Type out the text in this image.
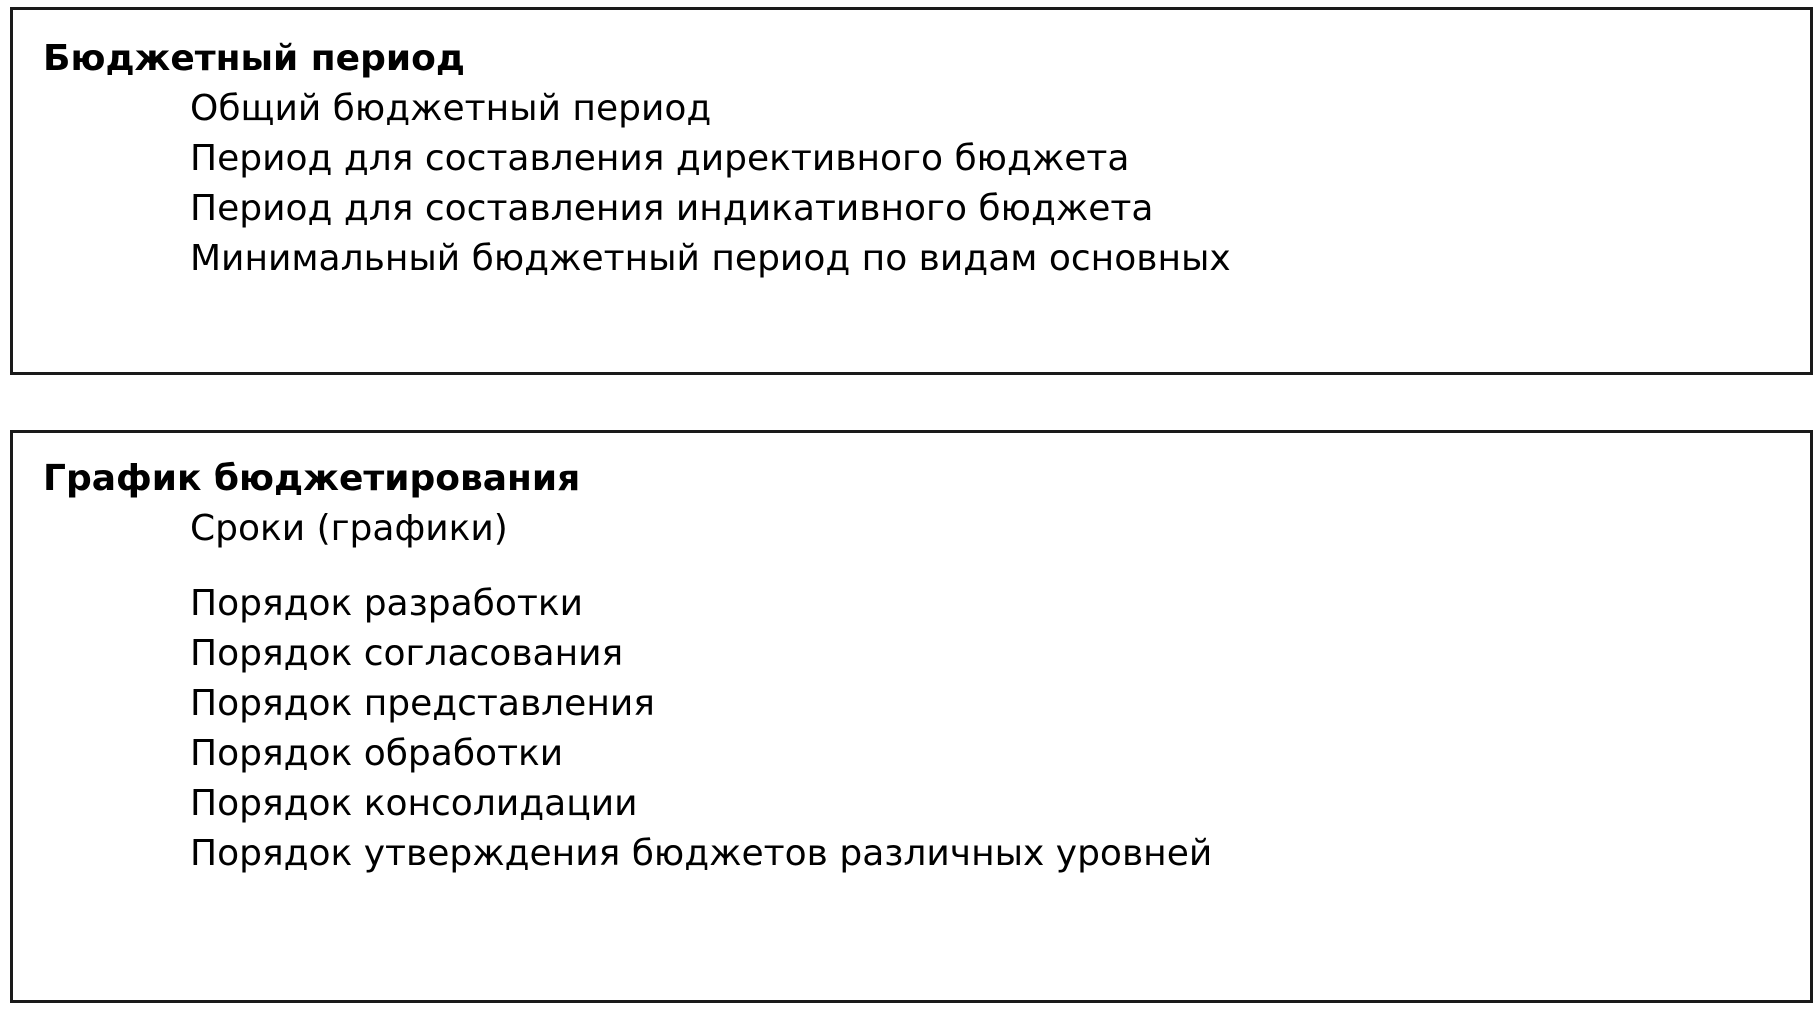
Бюджетный период
Общий бюджетный период
Период для составления директивного бюджета
Период для составления индикативного бюджета
Минимальный бюджетный период по видам основных
График бюджетирования
Сроки (графики)
Порядок разработки
Порядок согласования
Порядок представления
Порядок обработки
Порядок консолидации
Порядок утверждения бюджетов различных уровней
